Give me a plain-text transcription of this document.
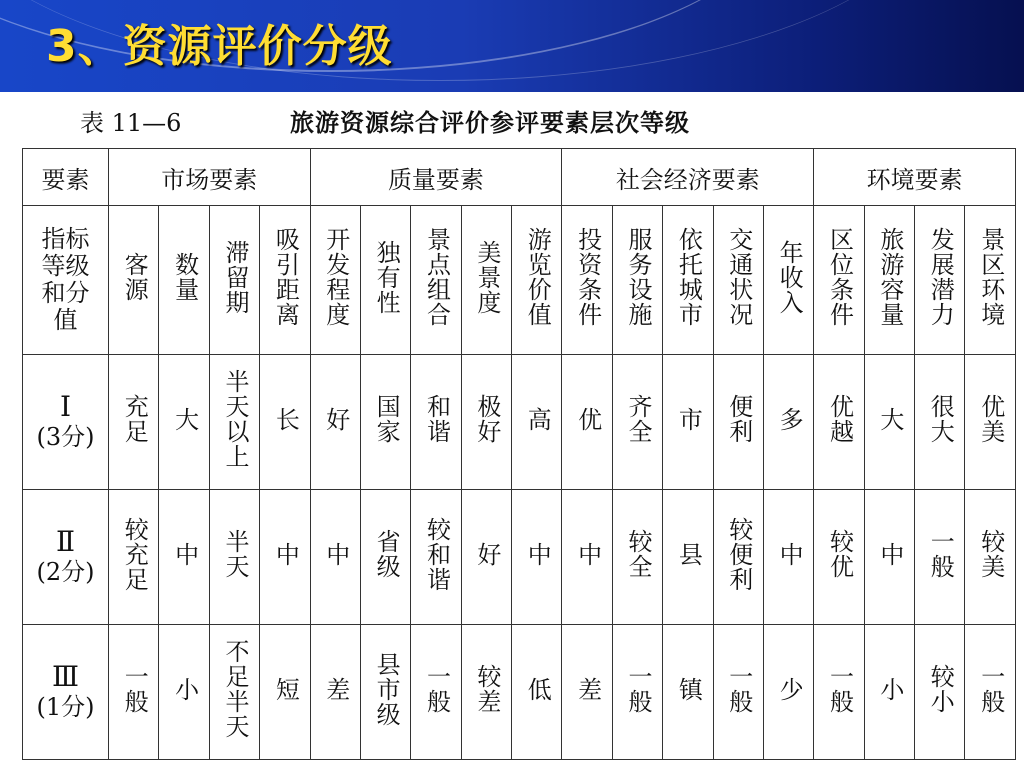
3、资源评价分级
表 11—6	旅游资源综合评价参评要素层次等级
要素	市场要素				质量要素					社会经济要素					环境要素			

指标等级和分值	客源	数量	滞留期	吸引距离	开发程度	独有性	景点组合	美景度	游览价值	投资条件	服务设施	依托城市	交通状况	年收入	区位条件	旅游容量	发展潜力	景区环境

Ⅰ
(3分)	充足	大	半天以上	长	好	国家	和谐	极好	高	优	齐全	市	便利	多	优越	大	很大	优美

Ⅱ
(2分)	较充足	中	半天	中	中	省级	较和谐	好	中	中	较全	县	较便利	中	较优	中	一般	较美

Ⅲ
(1分)	一般	小	不足半天	短	差	县市级	一般	较差	低	差	一般	镇	一般	少	一般	小	较小	一般
